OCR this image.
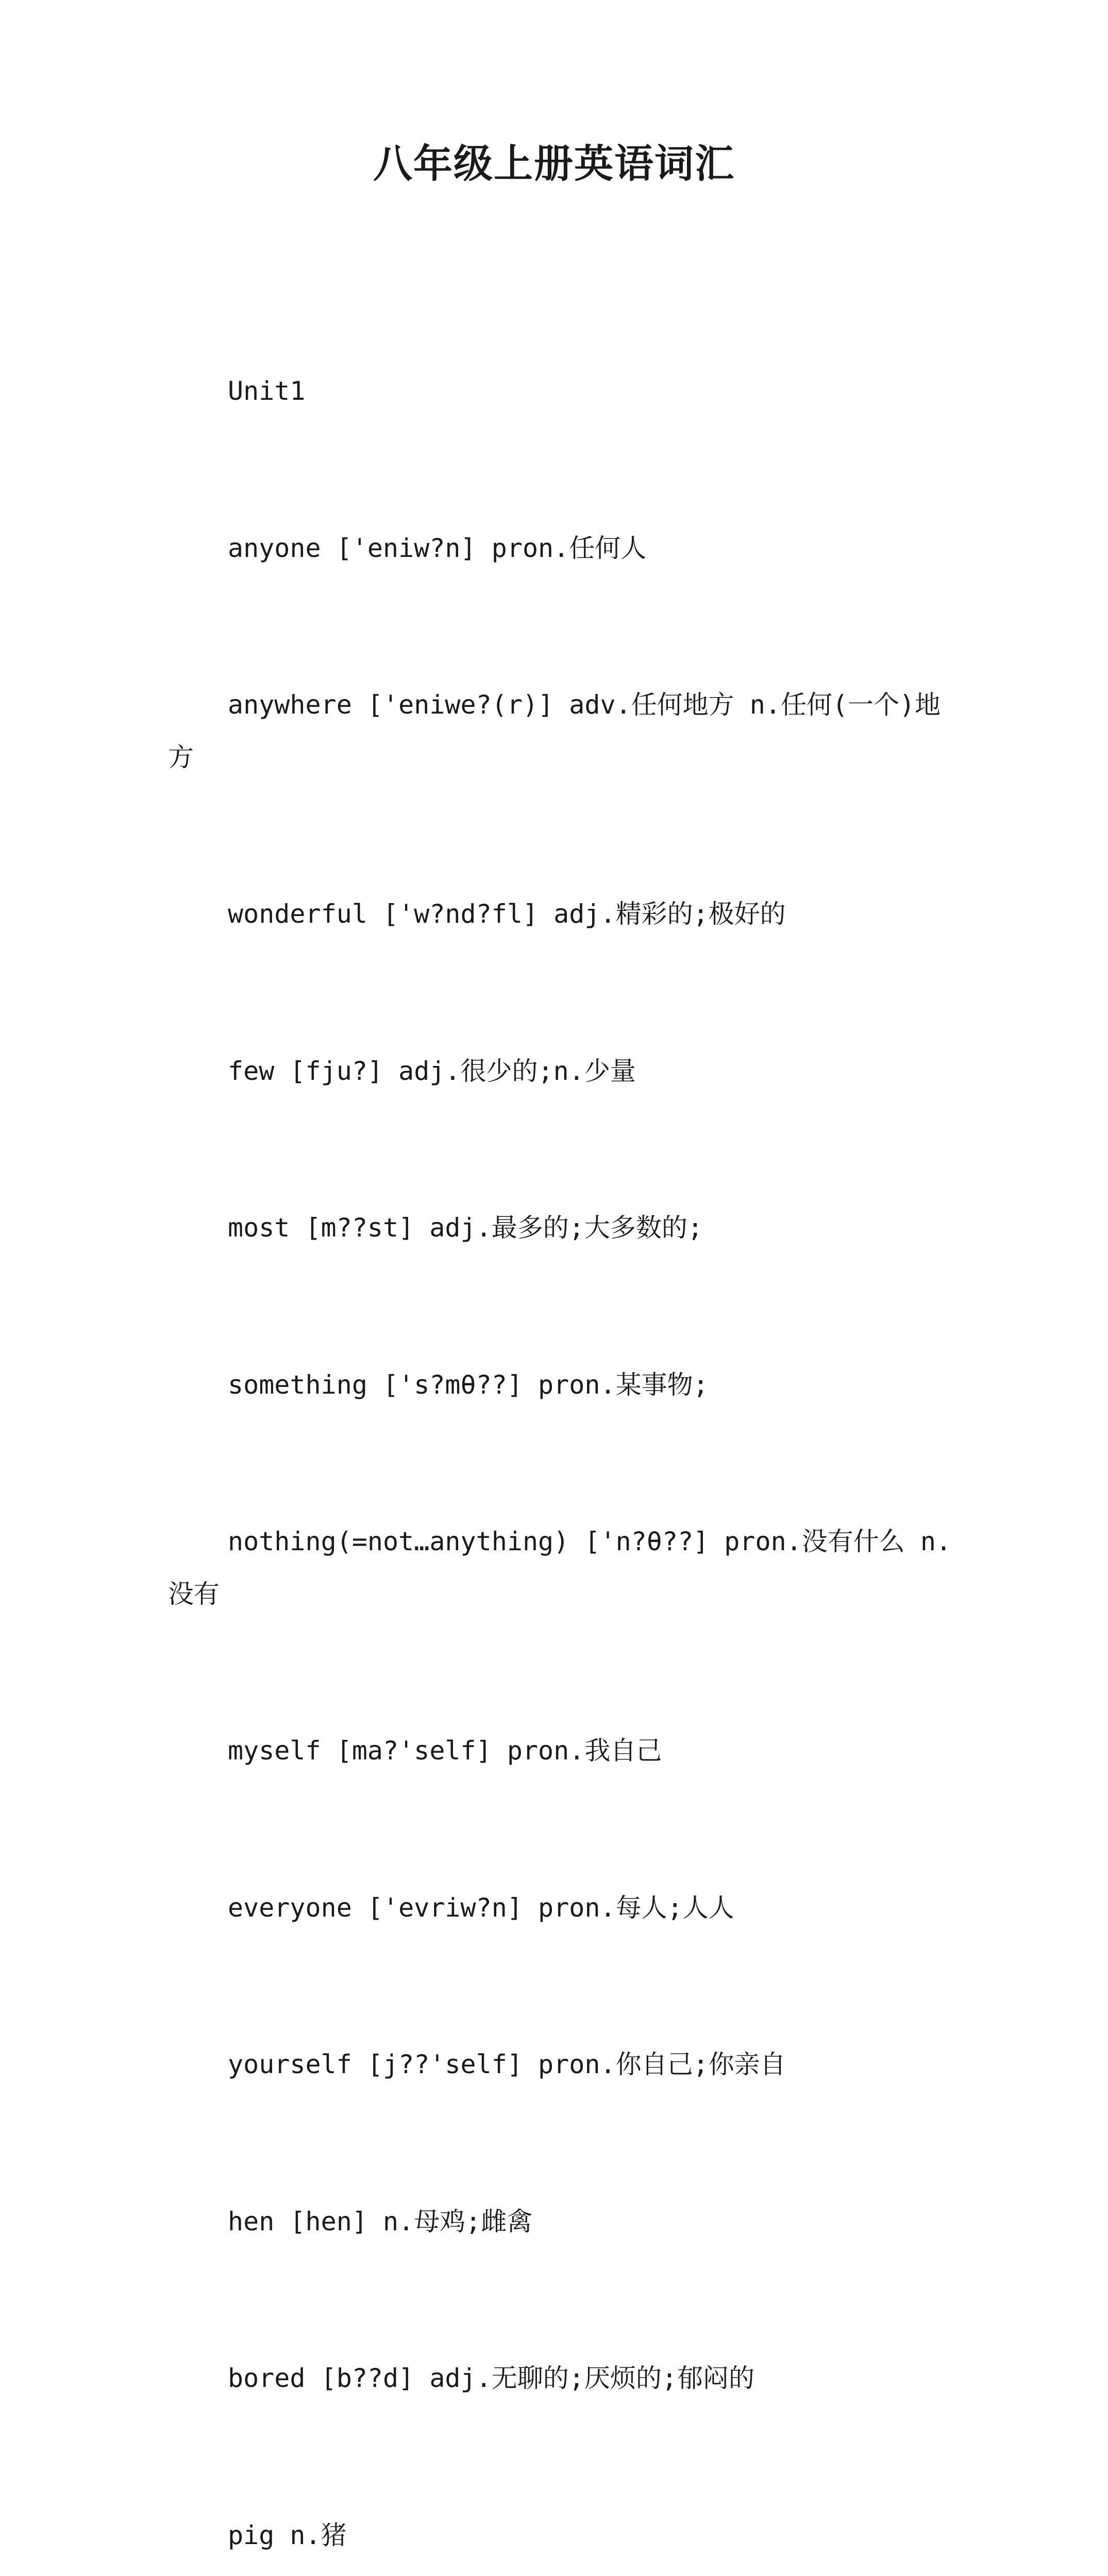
八年级上册英语词汇

Unit1

anyone ['eniw?n] pron.任何人

anywhere ['eniwe?(r)] adv.任何地方 n.任何(一个)地方

wonderful ['w?nd?fl] adj.精彩的;极好的

few [fju?] adj.很少的;n.少量

most [m??st] adj.最多的;大多数的;

something ['s?mθ??] pron.某事物;

nothing(=not…anything) ['n?θ??] pron.没有什么 n.没有

myself [ma?'self] pron.我自己

everyone ['evriw?n] pron.每人;人人

yourself [j??'self] pron.你自己;你亲自

hen [hen] n.母鸡;雌禽

bored [b??d] adj.无聊的;厌烦的;郁闷的

pig n.猪
